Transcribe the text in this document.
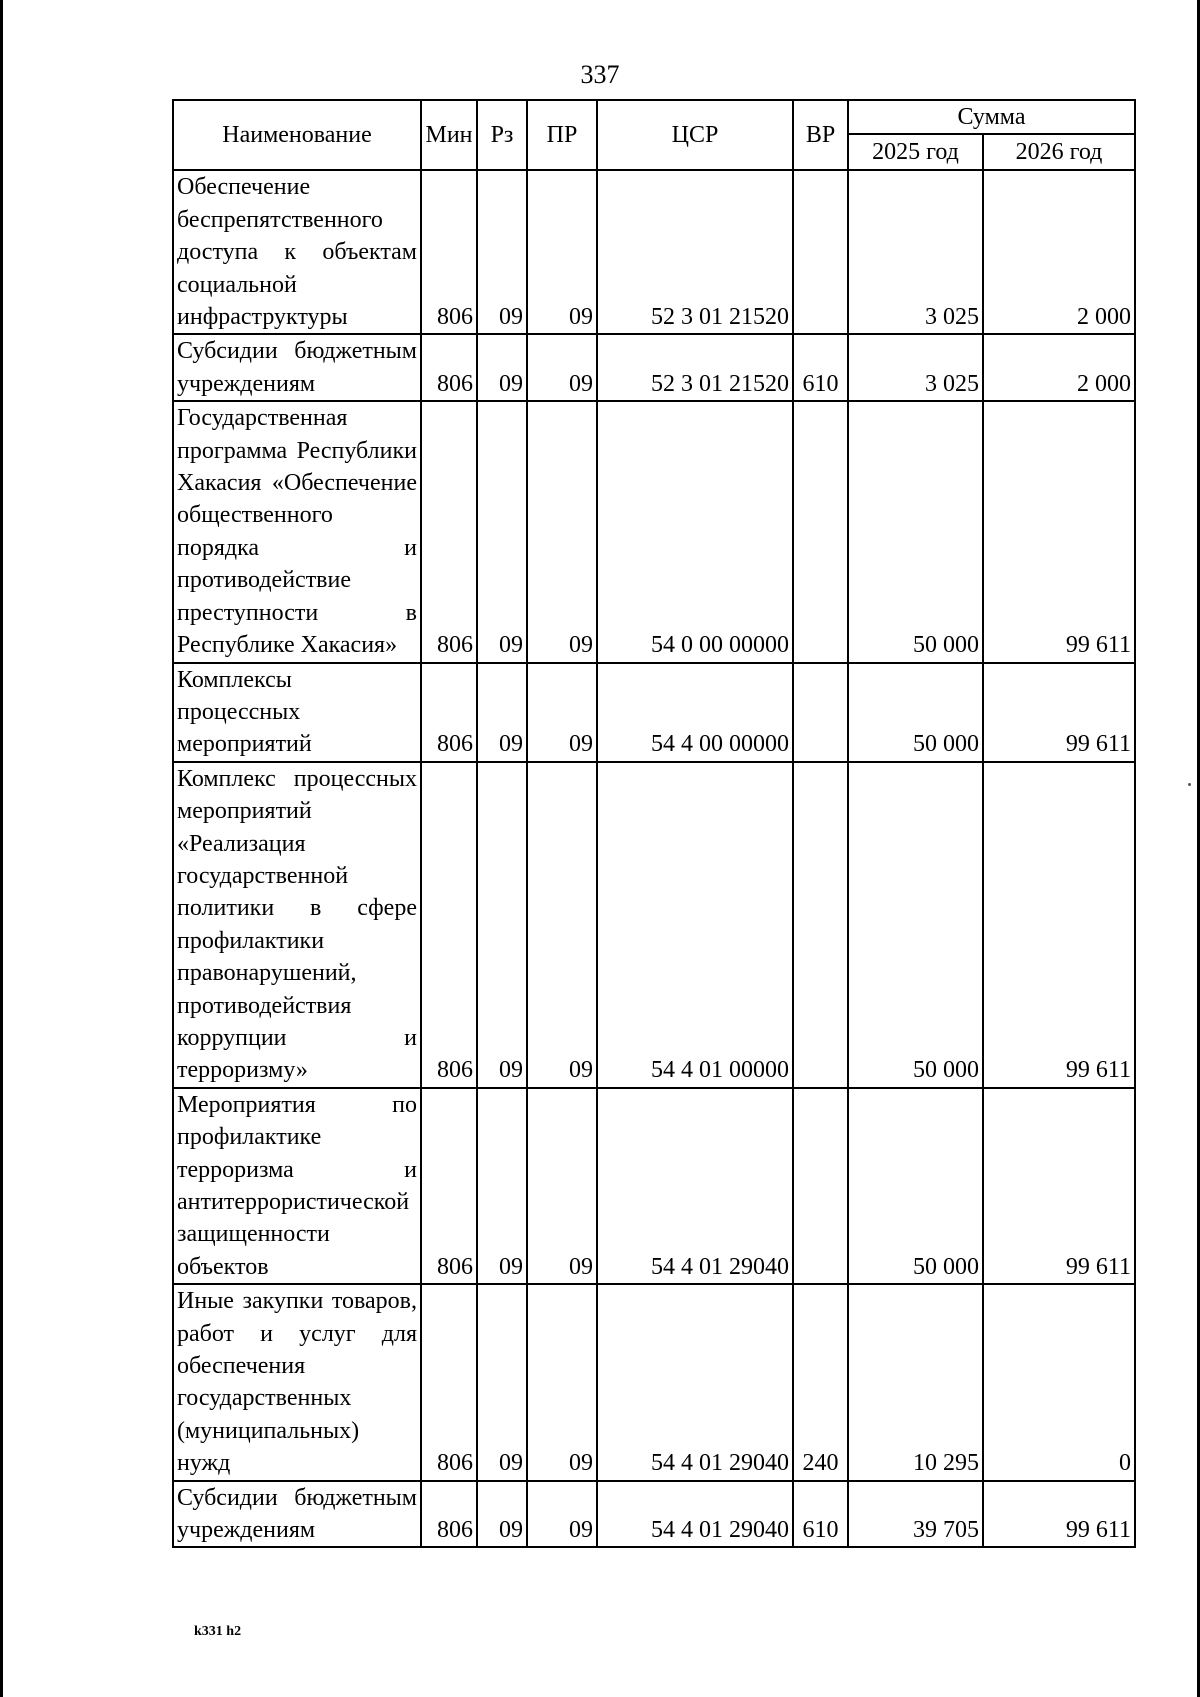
337
Наименование	Мин	Рз	ПР	ЦСР	ВР	Сумма	
						2025 год	2026 год
Обеспечение беспрепятственного доступа к объектам социальной инфраструктуры	806	09	09	52 3 01 21520		3 025	2 000
Субсидии бюджетным учреждениям	806	09	09	52 3 01 21520	610	3 025	2 000
Государственная программа Республики Хакасия «Обеспечение общественного порядка и противодействие преступности в Республике Хакасия»	806	09	09	54 0 00 00000		50 000	99 611
Комплексы процессных мероприятий	806	09	09	54 4 00 00000		50 000	99 611
Комплекс процессных мероприятий «Реализация государственной политики в сфере профилактики правонарушений, противодействия коррупции и терроризму»	806	09	09	54 4 01 00000		50 000	99 611
Мероприятия по профилактике терроризма и антитеррористической защищенности объектов	806	09	09	54 4 01 29040		50 000	99 611
Иные закупки товаров, работ и услуг для обеспечения государственных (муниципальных) нужд	806	09	09	54 4 01 29040	240	10 295	0
Субсидии бюджетным учреждениям	806	09	09	54 4 01 29040	610	39 705	99 611
k331 h2
